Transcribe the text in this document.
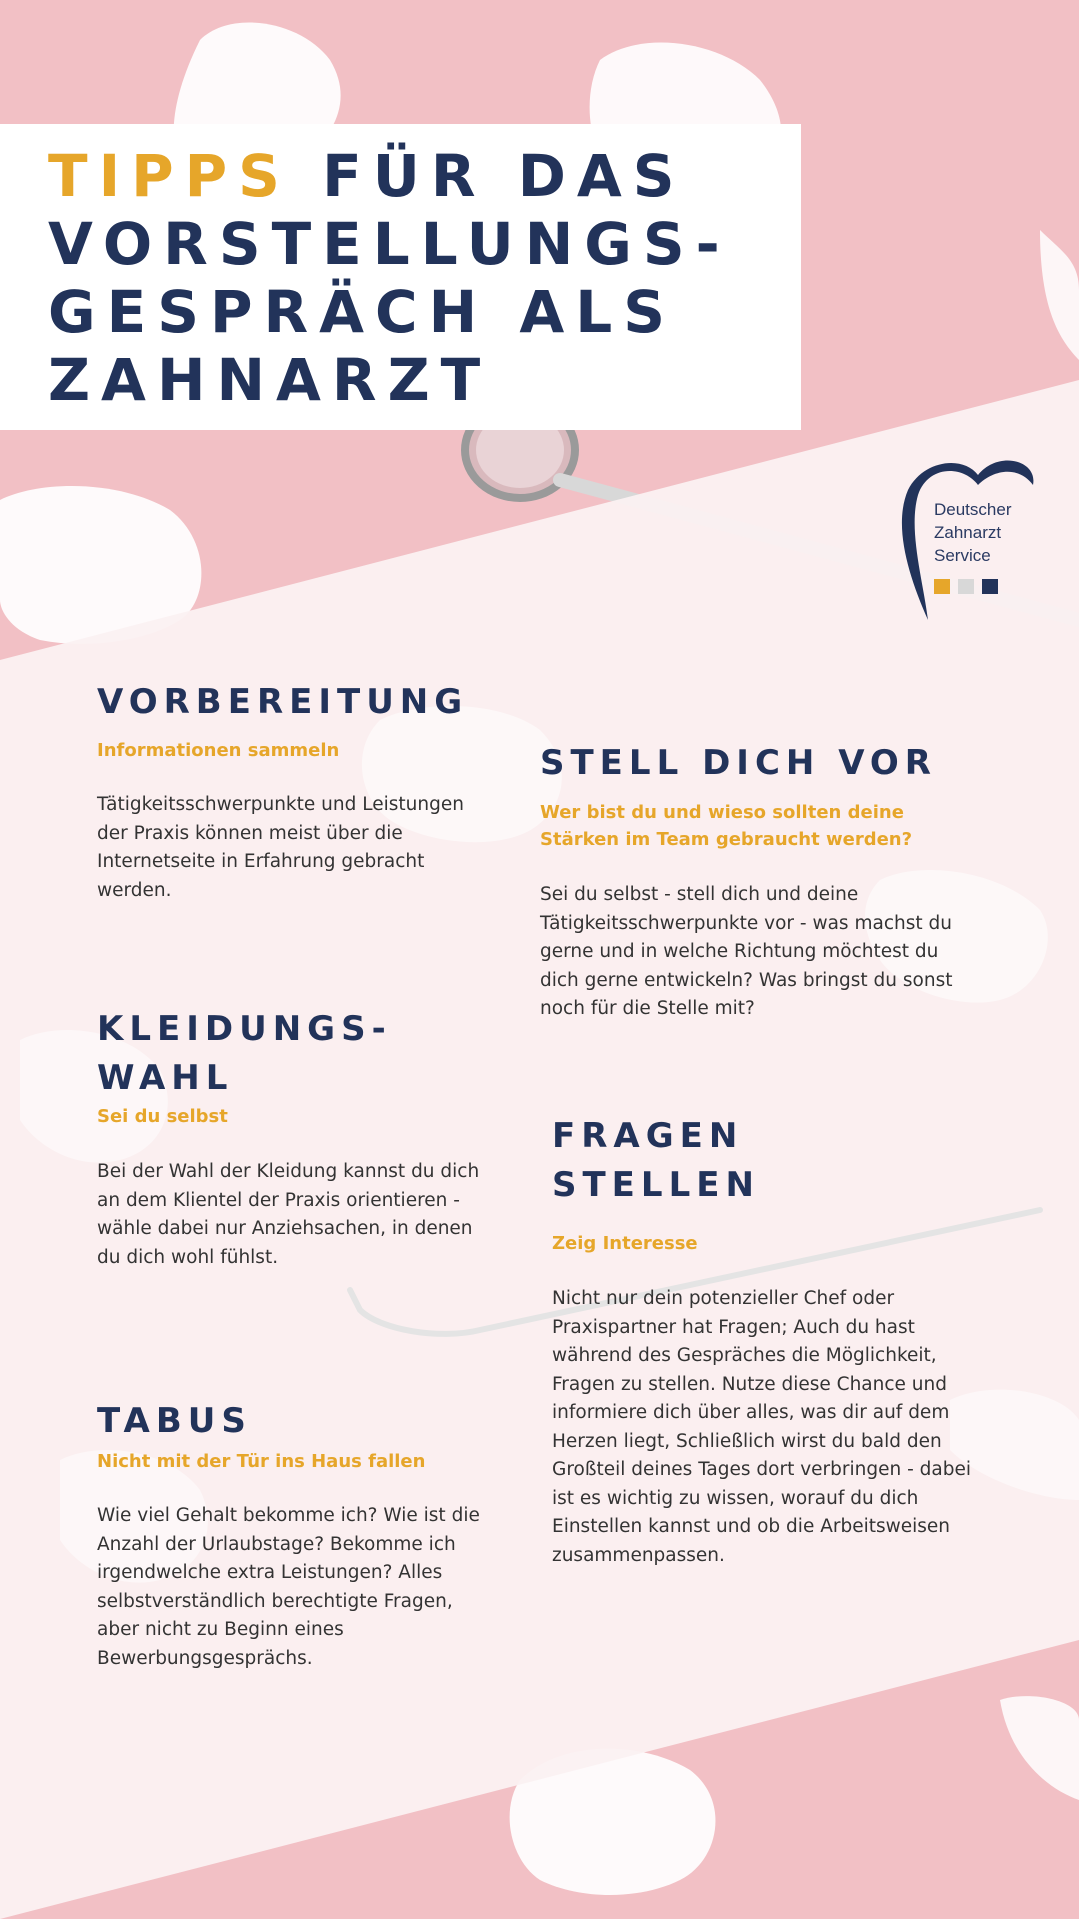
TIPPS FÜR DAS
VORSTELLUNGS-
GESPRÄCH ALS
ZAHNARZT
Deutscher
Zahnarzt
Service
VORBEREITUNG

Informationen sammeln

Tätigkeitsschwerpunkte und Leistungen der Praxis können meist über die Internetseite in Erfahrung gebracht werden.

STELL DICH VOR

Wer bist du und wieso sollten deine
Stärken im Team gebraucht werden?

Sei du selbst - stell dich und deine Tätigkeitsschwerpunkte vor - was machst du gerne und in welche Richtung möchtest du dich gerne entwickeln? Was bringst du sonst noch für die Stelle mit?

KLEIDUNGS-
WAHL

Sei du selbst

Bei der Wahl der Kleidung kannst du dich an dem Klientel der Praxis orientieren - wähle dabei nur Anziehsachen, in denen du dich wohl fühlst.

FRAGEN
STELLEN

Zeig Interesse

Nicht nur dein potenzieller Chef oder Praxispartner hat Fragen; Auch du hast während des Gespräches die Möglichkeit, Fragen zu stellen. Nutze diese Chance und informiere dich über alles, was dir auf dem Herzen liegt, Schließlich wirst du bald den Großteil deines Tages dort verbringen - dabei ist es wichtig zu wissen, worauf du dich Einstellen kannst und ob die Arbeitsweisen zusammenpassen.

TABUS

Nicht mit der Tür ins Haus fallen

Wie viel Gehalt bekomme ich? Wie ist die Anzahl der Urlaubstage? Bekomme ich irgendwelche extra Leistungen? Alles selbstverständlich berechtigte Fragen, aber nicht zu Beginn eines Bewerbungsgesprächs.
